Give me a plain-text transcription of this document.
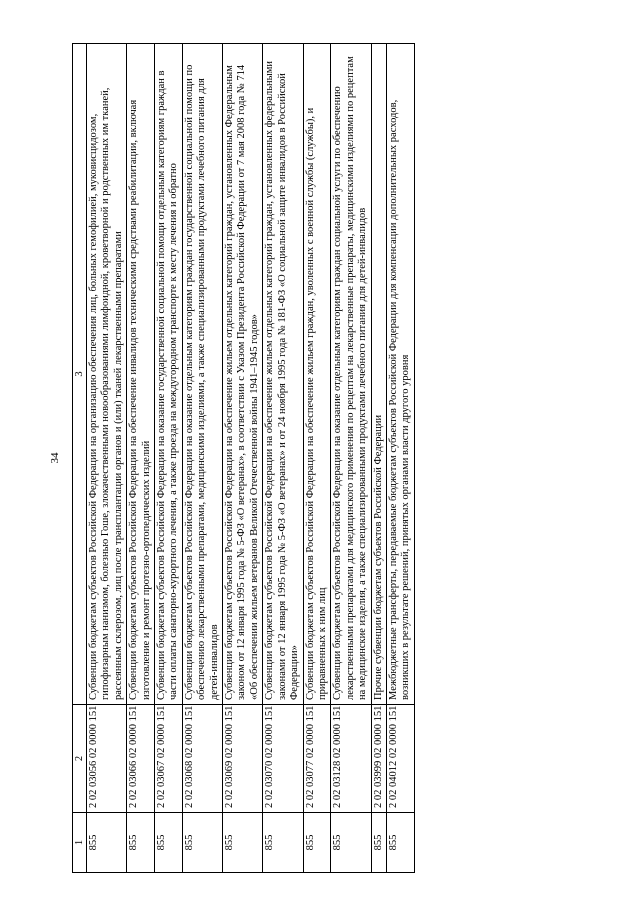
34
1	2	3
855	2 02 03056 02 0000 151	Субвенции бюджетам субъектов Российской Федерации на организацию обеспечения лиц, больных гемофилией, муковисцидозом, гипофизарным нанизмом, болезнью Гоше, злокачественными новообразованиями лимфоидной, кроветворной и родственных им тканей, рассеянным склерозом, лиц после трансплантации органов и (или) тканей лекарственными препаратами
855	2 02 03066 02 0000 151	Субвенции бюджетам субъектов Российской Федерации на обеспечение инвалидов техническими средствами реабилитации, включая изготовление и ремонт протезно-ортопедических изделий
855	2 02 03067 02 0000 151	Субвенции бюджетам субъектов Российской Федерации на оказание государственной социальной помощи отдельным категориям граждан в части оплаты санаторно-курортного лечения, а также проезда на междугородном транспорте к месту лечения и обратно
855	2 02 03068 02 0000 151	Субвенции бюджетам субъектов Российской Федерации на оказание отдельным категориям граждан государственной социальной помощи по обеспечению лекарственными препаратами, медицинскими изделиями, а также специализированными продуктами лечебного питания для детей-инвалидов
855	2 02 03069 02 0000 151	Субвенции бюджетам субъектов Российской Федерации на обеспечение жильем отдельных категорий граждан, установленных Федеральным законом от 12 января 1995 года № 5-ФЗ «О ветеранах», в соответствии с Указом Президента Российской Федерации от 7 мая 2008 года № 714 «Об обеспечении жильем ветеранов Великой Отечественной войны 1941–1945 годов»
855	2 02 03070 02 0000 151	Субвенции бюджетам субъектов Российской Федерации на обеспечение жильем отдельных категорий граждан, установленных федеральными законами от 12 января 1995 года № 5-ФЗ «О ветеранах» и от 24 ноября 1995 года № 181-ФЗ «О социальной защите инвалидов в Российской Федерации»
855	2 02 03077 02 0000 151	Субвенции бюджетам субъектов Российской Федерации на обеспечение жильем граждан, уволенных с военной службы (службы), и приравненных к ним лиц
855	2 02 03128 02 0000 151	Субвенции бюджетам субъектов Российской Федерации на оказание отдельным категориям граждан социальной услуги по обеспечению лекарственными препаратами для медицинского применения по рецептам на лекарственные препараты, медицинскими изделиями по рецептам на медицинские изделия, а также специализированными продуктами лечебного питания для детей-инвалидов
855	2 02 03999 02 0000 151	Прочие субвенции бюджетам субъектов Российской Федерации
855	2 02 04012 02 0000 151	Межбюджетные трансферты, передаваемые бюджетам субъектов Российской Федерации для компенсации дополнительных расходов, возникших в результате решений, принятых органами власти другого уровня
